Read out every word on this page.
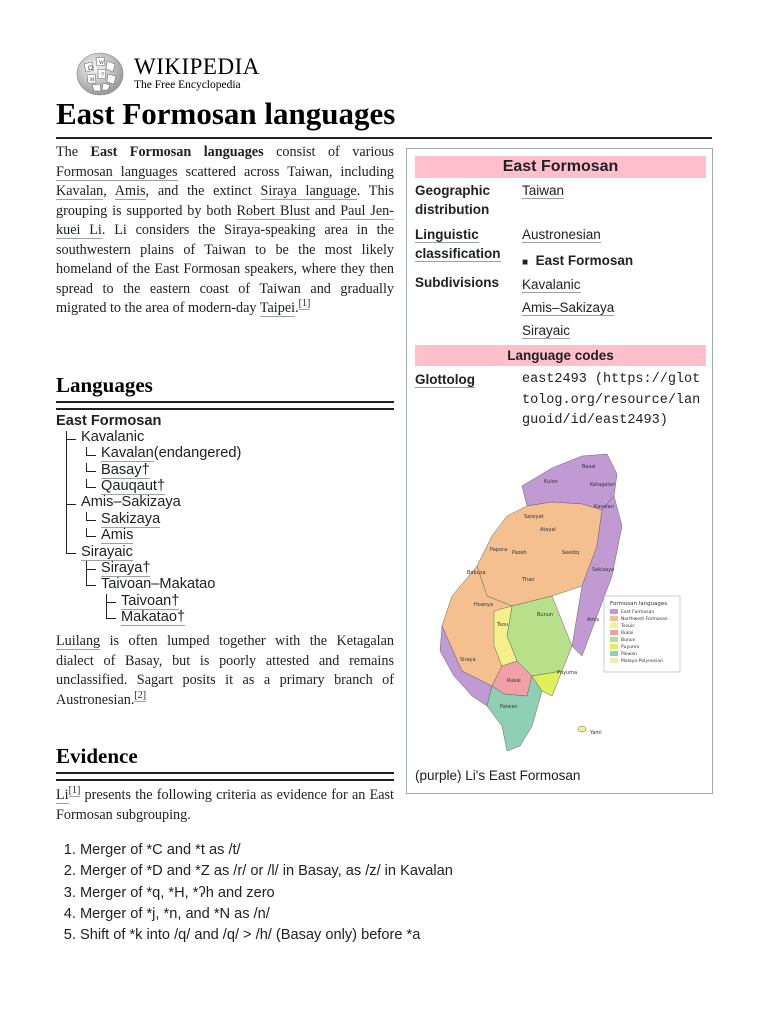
Ω
W
И
ウ WIKIPEDIA
The Free Encyclopedia
East Formosan languages
The East Formosan languages consist of various Formosan languages scattered across Taiwan, including Kavalan, Amis, and the extinct Siraya language. This grouping is supported by both Robert Blust and Paul Jen-kuei Li. Li considers the Siraya-speaking area in the southwestern plains of Taiwan to be the most likely homeland of the East Formosan speakers, where they then spread to the eastern coast of Taiwan and gradually migrated to the area of modern-day Taipei.[1]
Languages
East Formosan
Kavalanic
Kavalan(endangered)
Basay†
Qauqaut†
Amis–Sakizaya
Sakizaya
Amis
Sirayaic
Siraya†
Taivoan–Makatao
Taivoan†
Makatao†
Luilang is often lumped together with the Ketagalan dialect of Basay, but is poorly attested and remains unclassified. Sagart posits it as a primary branch of Austronesian.[2]
Evidence
Li[1] presents the following criteria as evidence for an East Formosan subgrouping.
1. Merger of *C and *t as /t/
2. Merger of *D and *Z as /r/ or /l/ in Basay, as /z/ in Kavalan
3. Merger of *q, *H, *ʔh and zero
4. Merger of *j, *n, and *N as /n/
5. Shift of *k into /q/ and /q/ > /h/ (Basay only) before *a
East Formosan
Geographic distribution
Taiwan
Linguistic classification
Austronesian
■ East Formosan
Subdivisions Kavalanic
Amis–Sakizaya
Sirayaic
Language codes
Glottolog	east2493 (https://glot
tolog.org/resource/lan
guoid/id/east2493)
Basai
Ketagalan
Kulon
Saisiyat
Kavalan
Atayal
Pazeh
Papora	Seediq
Babuza
Thao
Hoanya
Sakizaya
Tsou
Bunun
Amis
Siraya
Rukai
Puyuma
Paiwan
Yami
Formosan languages
East Formosan
Northwest Formosan
Tsouic
Rukai
Bunun
Puyuma
Paiwan
Malayo-Polynesian
(purple) Li's East Formosan
